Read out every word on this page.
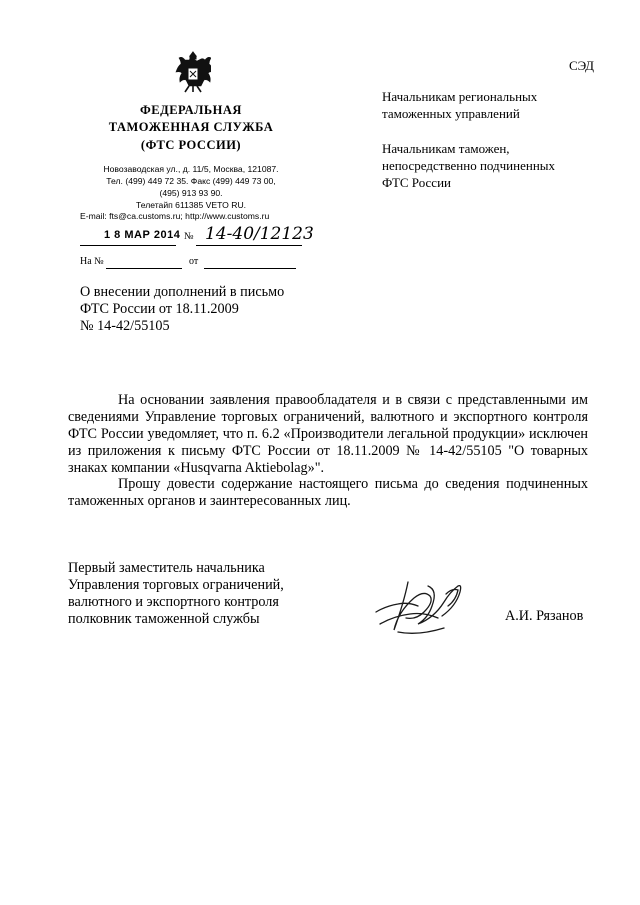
СЭД
ФЕДЕРАЛЬНАЯ
ТАМОЖЕННАЯ СЛУЖБА
(ФТС РОССИИ)
Новозаводская ул., д. 11/5, Москва, 121087.
Тел. (499) 449 72 35. Факс (499) 449 73 00,
(495) 913 93 90.
Телетайп 611385 VETO RU.
E-mail: fts@ca.customs.ru; http://www.customs.ru
1 8 МАР 2014 № 14-40/12123
На №	от
Начальникам региональных
таможенных управлений
Начальникам таможен,
непосредственно подчиненных
ФТС России
О внесении дополнений в письмо
ФТС России от 18.11.2009
№ 14-42/55105
На основании заявления правообладателя и в связи с представленными им сведениями Управление торговых ограничений, валютного и экспортного контроля ФТС России уведомляет, что п. 6.2 «Производители легальной продукции» исключен из приложения к письму ФТС России от 18.11.2009 № 14-42/55105 "О товарных знаках компании «Husqvarna Aktiebolag»".
Прошу довести содержание настоящего письма до сведения подчиненных таможенных органов и заинтересованных лиц.
Первый заместитель начальника
Управления торговых ограничений,
валютного и экспортного контроля
полковник таможенной службы	А.И. Рязанов
